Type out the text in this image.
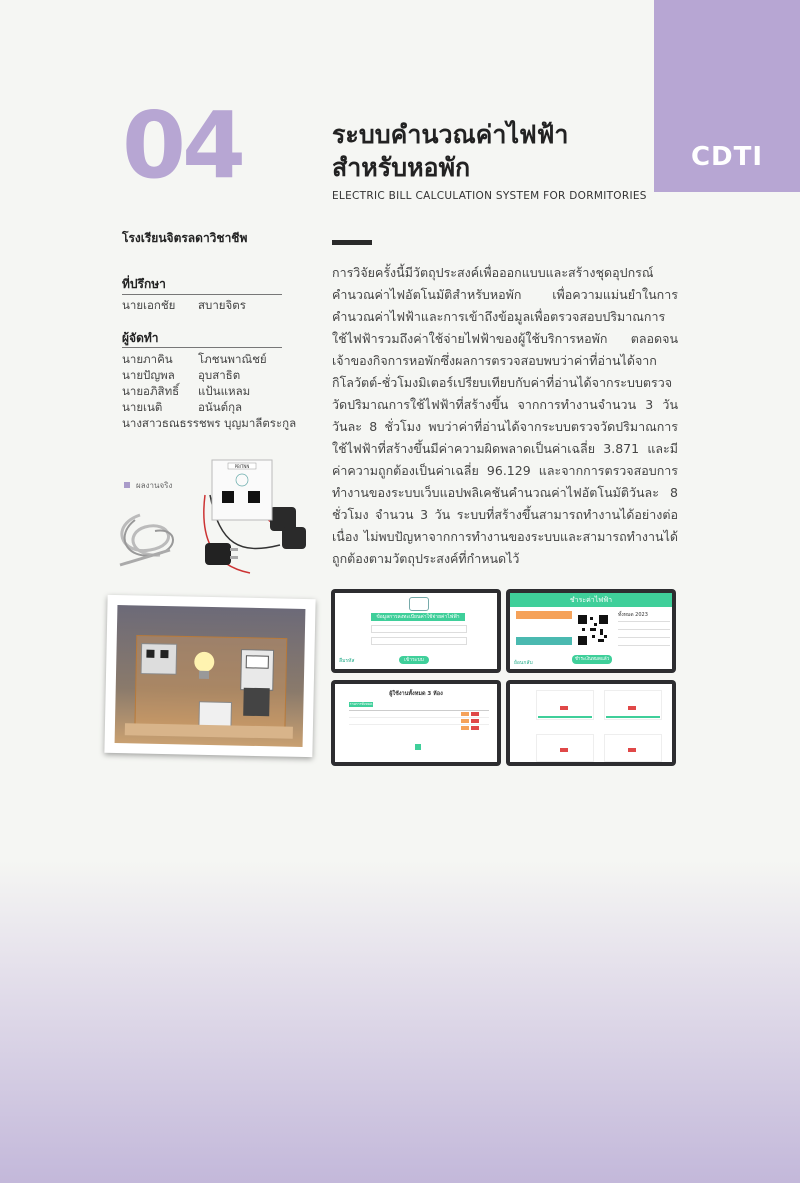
CDTI
04	ระบบคำนวณค่าไฟฟ้า
สำหรับหอพัก
ELECTRIC BILL CALCULATION SYSTEM FOR DORMITORIES
โรงเรียนจิตรลดาวิชาชีพ
ที่ปรึกษา
นายเอกชัย สบายจิตร
ผู้จัดทำ
นายภาคิน โภชนพาณิชย์
นายปัญพล อุบสาธิต
นายอภิสิทธิ์ แป้นแหลม
นายเนติ	อนันต์กุล
นางสาวธณธรรชพร บุญมาลีตระกูล
การวิจัยครั้งนี้มีวัตถุประสงค์เพื่อออกแบบและสร้างชุดอุปกรณ์คำนวณค่าไฟอัตโนมัติสำหรับหอพัก เพื่อความแม่นยำในการคำนวณค่าไฟฟ้าและการเข้าถึงข้อมูลเพื่อตรวจสอบปริมาณการใช้ไฟฟ้ารวมถึงค่าใช้จ่ายไฟฟ้าของผู้ใช้บริการหอพัก ตลอดจนเจ้าของกิจการหอพักซึ่งผลการตรวจสอบพบว่าค่าที่อ่านได้จากกิโลวัตต์-ชั่วโมงมิเตอร์เปรียบเทียบกับค่าที่อ่านได้จากระบบตรวจวัดปริมาณการใช้ไฟฟ้าที่สร้างขึ้น จากการทำงานจำนวน 3 วัน วันละ 8 ชั่วโมง พบว่าค่าที่อ่านได้จากระบบตรวจวัดปริมาณการใช้ไฟฟ้าที่สร้างขึ้นมีค่าความผิดพลาดเป็นค่าเฉลี่ย 3.871 และมีค่าความถูกต้องเป็นค่าเฉลี่ย 96.129 และจากการตรวจสอบการทำงานของระบบเว็บแอปพลิเคชันคำนวณค่าไฟอัตโนมัติวันละ 8 ชั่วโมง จำนวน 3 วัน ระบบที่สร้างขึ้นสามารถทำงานได้อย่างต่อเนื่อง ไม่พบปัญหาจากการทำงานของระบบและสามารถทำงานได้ถูกต้องตามวัตถุประสงค์ที่กำหนดไว้
ผลงานจริง
PBITNN
ข้อมูลการลงทะเบียนค่าใช้จ่ายค่าไฟฟ้า
ลืมรหัส	เข้าระบบ
ชำระค่าไฟฟ้า
ทั้งหมด 2023
ย้อนกลับ
ชำระเงินหมดแล้ว
ผู้ใช้งานทั้งหมด 3 ห้อง
รายการทั้งหมด
